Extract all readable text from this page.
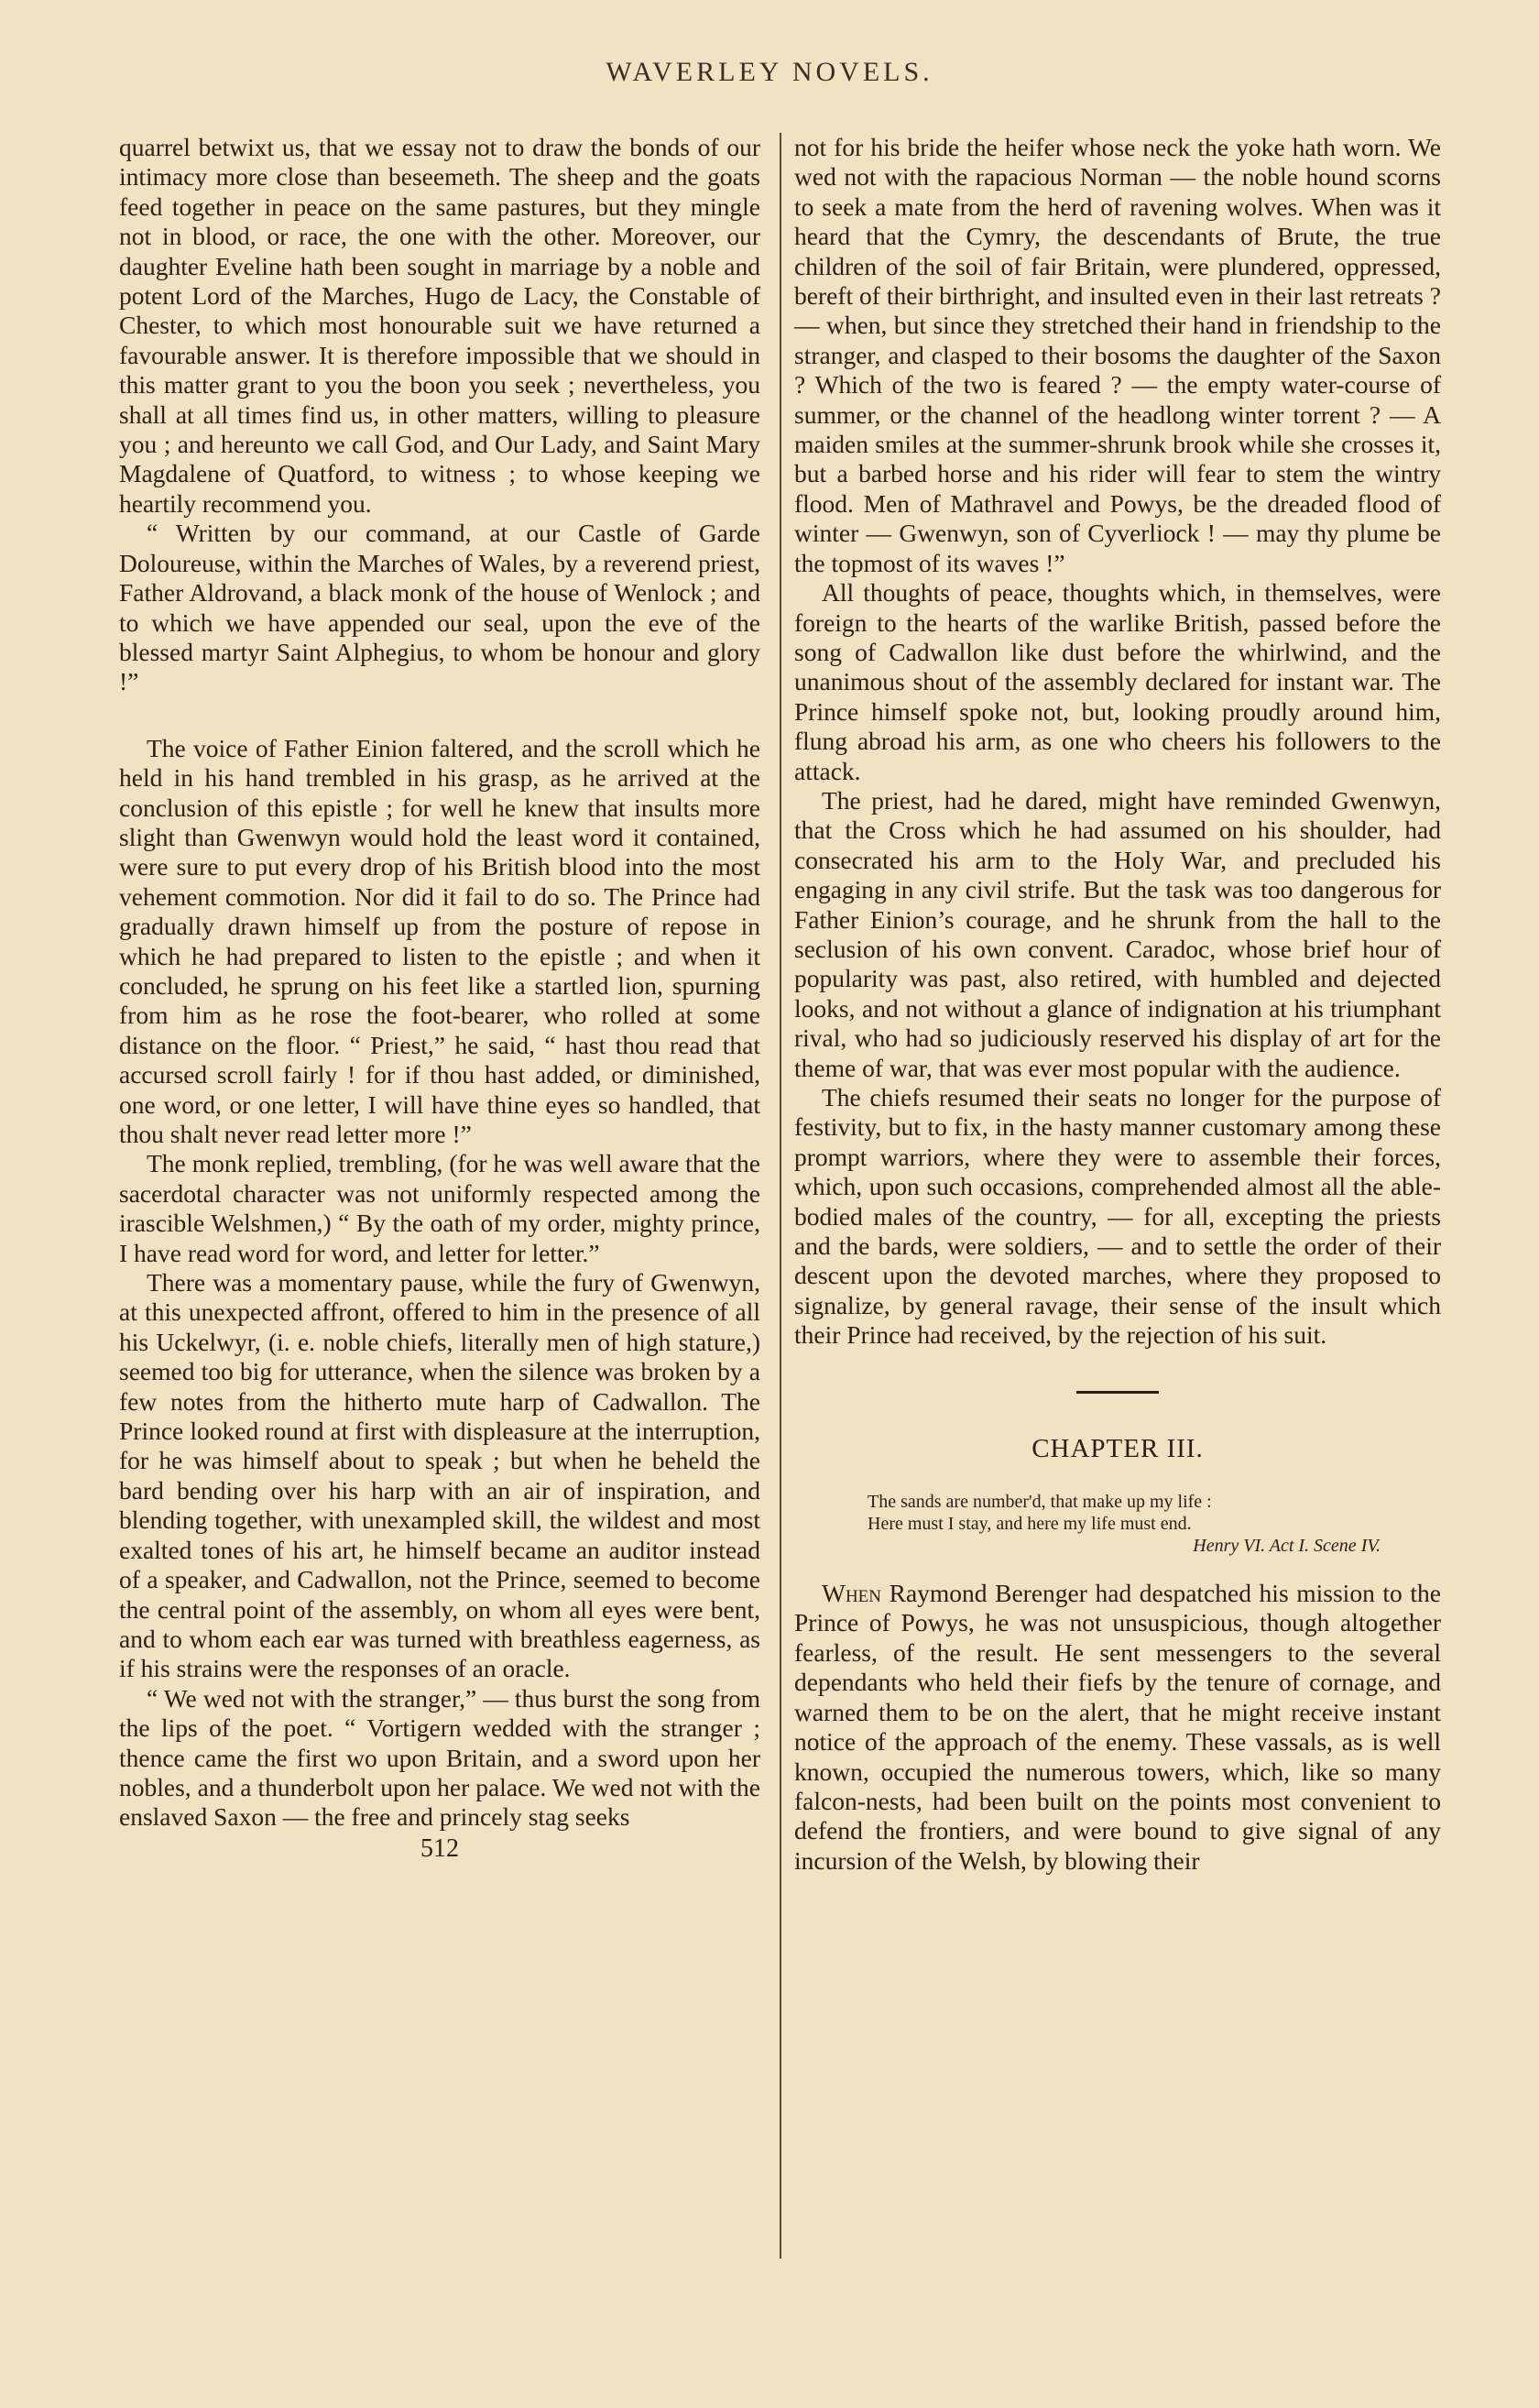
WAVERLEY NOVELS.

quarrel betwixt us, that we essay not to draw the bonds of our intimacy more close than beseemeth. The sheep and the goats feed together in peace on the same pastures, but they mingle not in blood, or race, the one with the other. Moreover, our daughter Eveline hath been sought in marriage by a noble and potent Lord of the Marches, Hugo de Lacy, the Constable of Chester, to which most honourable suit we have returned a favourable answer. It is therefore impossible that we should in this matter grant to you the boon you seek ; nevertheless, you shall at all times find us, in other matters, willing to pleasure you ; and hereunto we call God, and Our Lady, and Saint Mary Magdalene of Quatford, to witness ; to whose keeping we heartily recommend you.

“ Written by our command, at our Castle of Garde Doloureuse, within the Marches of Wales, by a reverend priest, Father Aldrovand, a black monk of the house of Wenlock ; and to which we have appended our seal, upon the eve of the blessed martyr Saint Alphegius, to whom be honour and glory !”

The voice of Father Einion faltered, and the scroll which he held in his hand trembled in his grasp, as he arrived at the conclusion of this epistle ; for well he knew that insults more slight than Gwenwyn would hold the least word it contained, were sure to put every drop of his British blood into the most vehement commotion. Nor did it fail to do so. The Prince had gradually drawn himself up from the posture of repose in which he had prepared to listen to the epistle ; and when it concluded, he sprung on his feet like a startled lion, spurning from him as he rose the foot-bearer, who rolled at some distance on the floor. “ Priest,” he said, “ hast thou read that accursed scroll fairly ! for if thou hast added, or diminished, one word, or one letter, I will have thine eyes so handled, that thou shalt never read letter more !”

The monk replied, trembling, (for he was well aware that the sacerdotal character was not uniformly respected among the irascible Welshmen,) “ By the oath of my order, mighty prince, I have read word for word, and letter for letter.”

There was a momentary pause, while the fury of Gwenwyn, at this unexpected affront, offered to him in the presence of all his Uckelwyr, (i. e. noble chiefs, literally men of high stature,) seemed too big for utterance, when the silence was broken by a few notes from the hitherto mute harp of Cadwallon. The Prince looked round at first with displeasure at the interruption, for he was himself about to speak ; but when he beheld the bard bending over his harp with an air of inspiration, and blending together, with unexampled skill, the wildest and most exalted tones of his art, he himself became an auditor instead of a speaker, and Cadwallon, not the Prince, seemed to become the central point of the assembly, on whom all eyes were bent, and to whom each ear was turned with breathless eagerness, as if his strains were the responses of an oracle.

“ We wed not with the stranger,” — thus burst the song from the lips of the poet. “ Vortigern wedded with the stranger ; thence came the first wo upon Britain, and a sword upon her nobles, and a thunderbolt upon her palace. We wed not with the enslaved Saxon — the free and princely stag seeks

512

not for his bride the heifer whose neck the yoke hath worn. We wed not with the rapacious Norman — the noble hound scorns to seek a mate from the herd of ravening wolves. When was it heard that the Cymry, the descendants of Brute, the true children of the soil of fair Britain, were plundered, oppressed, bereft of their birthright, and insulted even in their last retreats ? — when, but since they stretched their hand in friendship to the stranger, and clasped to their bosoms the daughter of the Saxon ? Which of the two is feared ? — the empty water-course of summer, or the channel of the headlong winter torrent ? — A maiden smiles at the summer-shrunk brook while she crosses it, but a barbed horse and his rider will fear to stem the wintry flood. Men of Mathravel and Powys, be the dreaded flood of winter — Gwenwyn, son of Cyverliock ! — may thy plume be the topmost of its waves !”

All thoughts of peace, thoughts which, in themselves, were foreign to the hearts of the warlike British, passed before the song of Cadwallon like dust before the whirlwind, and the unanimous shout of the assembly declared for instant war. The Prince himself spoke not, but, looking proudly around him, flung abroad his arm, as one who cheers his followers to the attack.

The priest, had he dared, might have reminded Gwenwyn, that the Cross which he had assumed on his shoulder, had consecrated his arm to the Holy War, and precluded his engaging in any civil strife. But the task was too dangerous for Father Einion’s courage, and he shrunk from the hall to the seclusion of his own convent. Caradoc, whose brief hour of popularity was past, also retired, with humbled and dejected looks, and not without a glance of indignation at his triumphant rival, who had so judiciously reserved his display of art for the theme of war, that was ever most popular with the audience.

The chiefs resumed their seats no longer for the purpose of festivity, but to fix, in the hasty manner customary among these prompt warriors, where they were to assemble their forces, which, upon such occasions, comprehended almost all the able-bodied males of the country, — for all, excepting the priests and the bards, were soldiers, — and to settle the order of their descent upon the devoted marches, where they proposed to signalize, by general ravage, their sense of the insult which their Prince had received, by the rejection of his suit.

CHAPTER III.
The sands are number'd, that make up my life :
Here must I stay, and here my life must end.
Henry VI. Act I. Scene IV.

When Raymond Berenger had despatched his mission to the Prince of Powys, he was not unsuspicious, though altogether fearless, of the result. He sent messengers to the several dependants who held their fiefs by the tenure of cornage, and warned them to be on the alert, that he might receive instant notice of the approach of the enemy. These vassals, as is well known, occupied the numerous towers, which, like so many falcon-nests, had been built on the points most convenient to defend the frontiers, and were bound to give signal of any incursion of the Welsh, by blowing their
